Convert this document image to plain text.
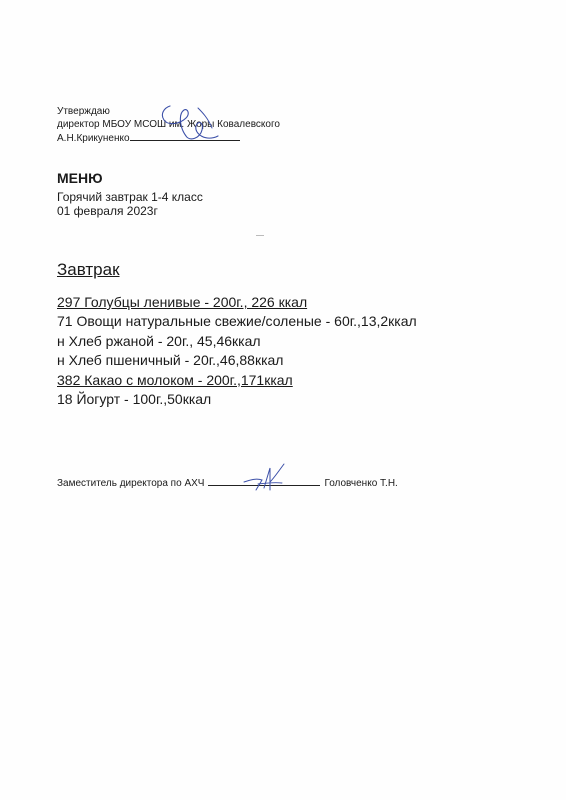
Утверждаю
директор МБОУ МСОШ им. Жоры Ковалевского
А.Н.Крикуненко
МЕНЮ
Горячий завтрак 1-4 класс
01 февраля 2023г
Завтрак
297 Голубцы ленивые - 200г., 226 ккал
71 Овощи натуральные свежие/соленые - 60г.,13,2ккал
н Хлеб ржаной - 20г., 45,46ккал
н Хлеб пшеничный - 20г.,46,88ккал
382 Какао с молоком - 200г.,171ккал
18 Йогурт - 100г.,50ккал
Заместитель директора по АХЧ	Головченко Т.Н.
